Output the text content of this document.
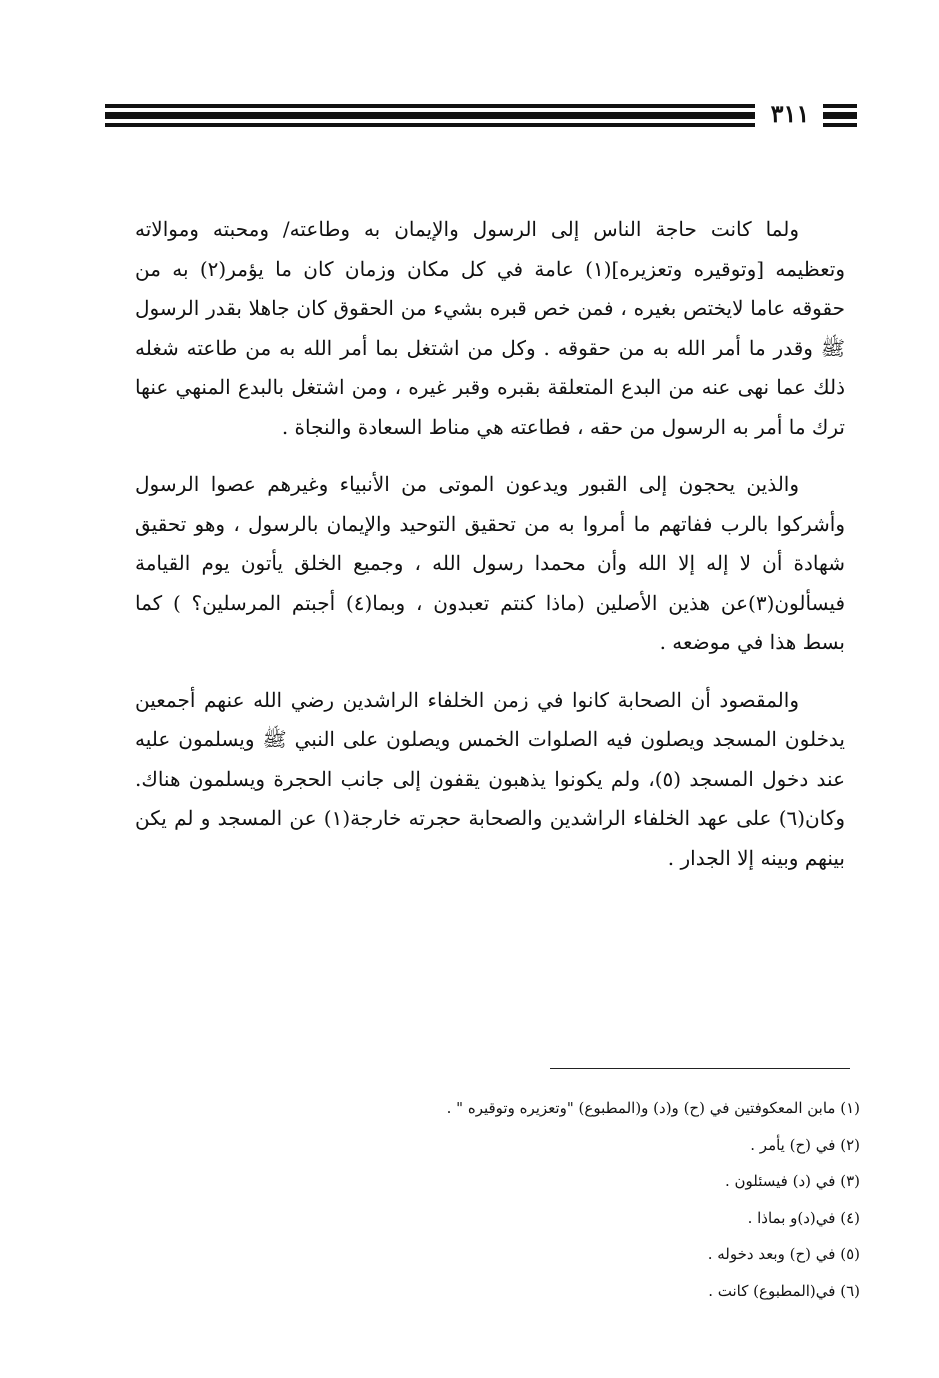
٣١١

ولما كانت حاجة الناس إلى الرسول والإيمان به وطاعته/ ومحبته وموالاته وتعظيمه [وتوقيره وتعزيره](١) عامة في كل مكان وزمان كان ما يؤمر(٢) به من حقوقه عاما لايختص بغيره ، فمن خص قبره بشيء من الحقوق كان جاهلا بقدر الرسول ﷺ وقدر ما أمر الله به من حقوقه . وكل من اشتغل بما أمر الله به من طاعته شغله ذلك عما نهى عنه من البدع المتعلقة بقبره وقبر غيره ، ومن اشتغل بالبدع المنهي عنها ترك ما أمر به الرسول من حقه ، فطاعته هي مناط السعادة والنجاة .

والذين يحجون إلى القبور ويدعون الموتى من الأنبياء وغيرهم عصوا الرسول وأشركوا بالرب ففاتهم ما أمروا به من تحقيق التوحيد والإيمان بالرسول ، وهو تحقيق شهادة أن لا إله إلا الله وأن محمدا رسول الله ، وجميع الخلق يأتون يوم القيامة فيسألون(٣)عن هذين الأصلين (ماذا كنتم تعبدون ، وبما(٤) أجبتم المرسلين؟ ) كما بسط هذا في موضعه .

والمقصود أن الصحابة كانوا في زمن الخلفاء الراشدين رضي الله عنهم أجمعين يدخلون المسجد ويصلون فيه الصلوات الخمس ويصلون على النبي ﷺ ويسلمون عليه عند دخول المسجد (٥)، ولم يكونوا يذهبون يقفون إلى جانب الحجرة ويسلمون هناك. وكان(٦) على عهد الخلفاء الراشدين والصحابة حجرته خارجة(١) عن المسجد و لم يكن بينهم وبينه إلا الجدار .

(١) مابن المعكوفتين في (ح) و(د) و(المطبوع) "وتعزيره وتوقيره " .
(٢) في (ح) يأمر .
(٣) في (د) فيسئلون .
(٤) في(د)و بماذا .
(٥) في (ح) وبعد دخوله .
(٦) في(المطبوع) كانت .
